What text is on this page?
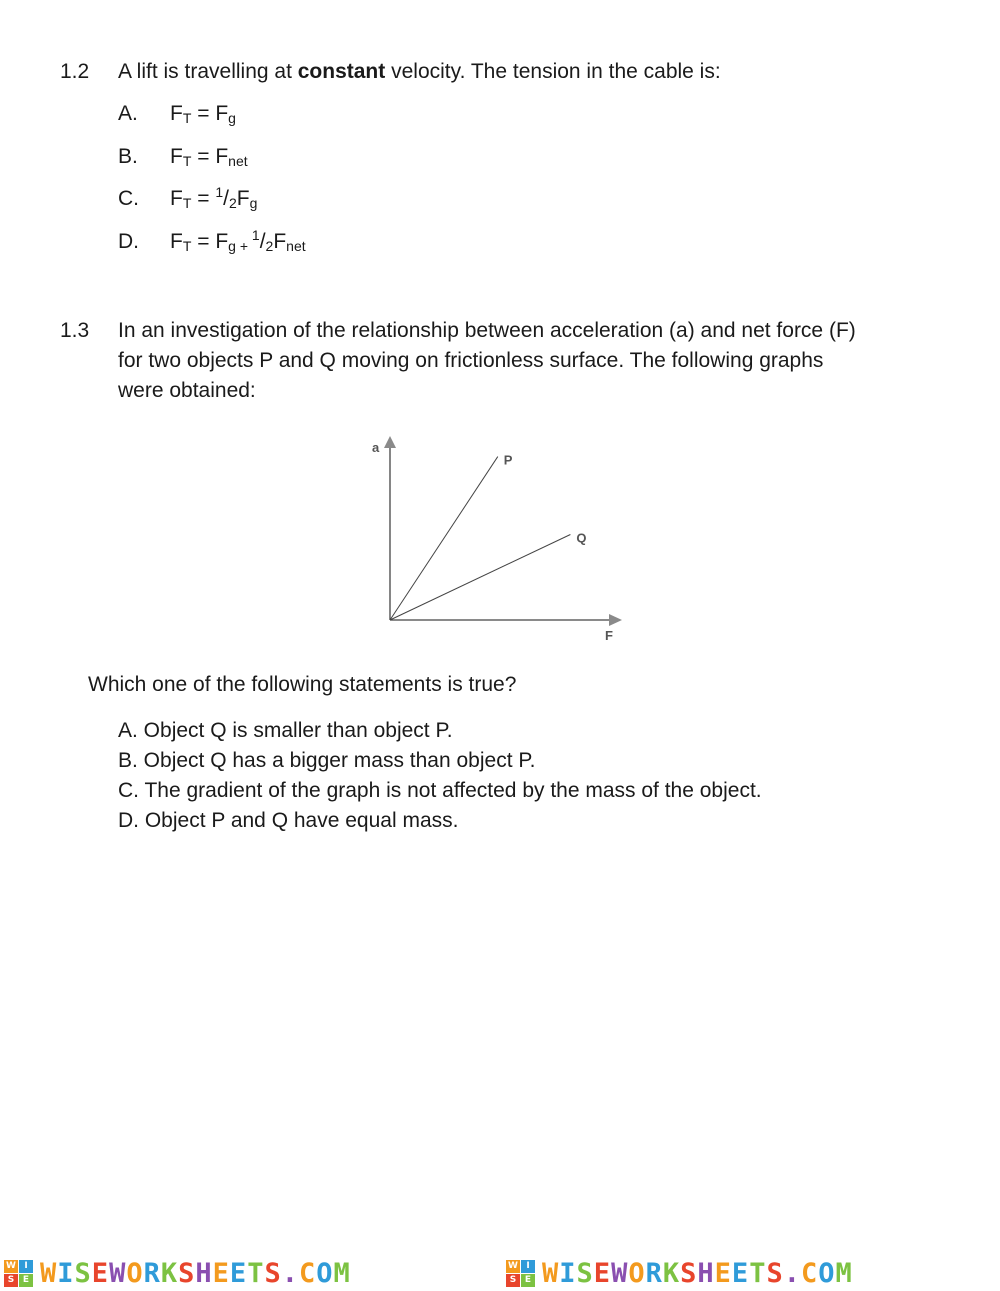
1.2 A lift is travelling at constant velocity. The tension in the cable is:
A. $F_T = F_g$
B. $F_T = F_{net}$
C. $F_T = ^1/_2F_g$
D. $F_T = F_{g +}$ $^1/_2F_{net}$
1.3 In an investigation of the relationship between acceleration (a) and net force (F)
for two objects P and Q moving on frictionless surface. The following graphs
were obtained:
a
F
P
Q
Which one of the following statements is true?
A. Object Q is smaller than object P.
B. Object Q has a bigger mass than object P.
C. The gradient of the graph is not affected by the mass of the object.
D. Object P and Q have equal mass.
W I
S E WISEWORKSHEETS.COM	W I
S E WISEWORKSHEETS.COM
